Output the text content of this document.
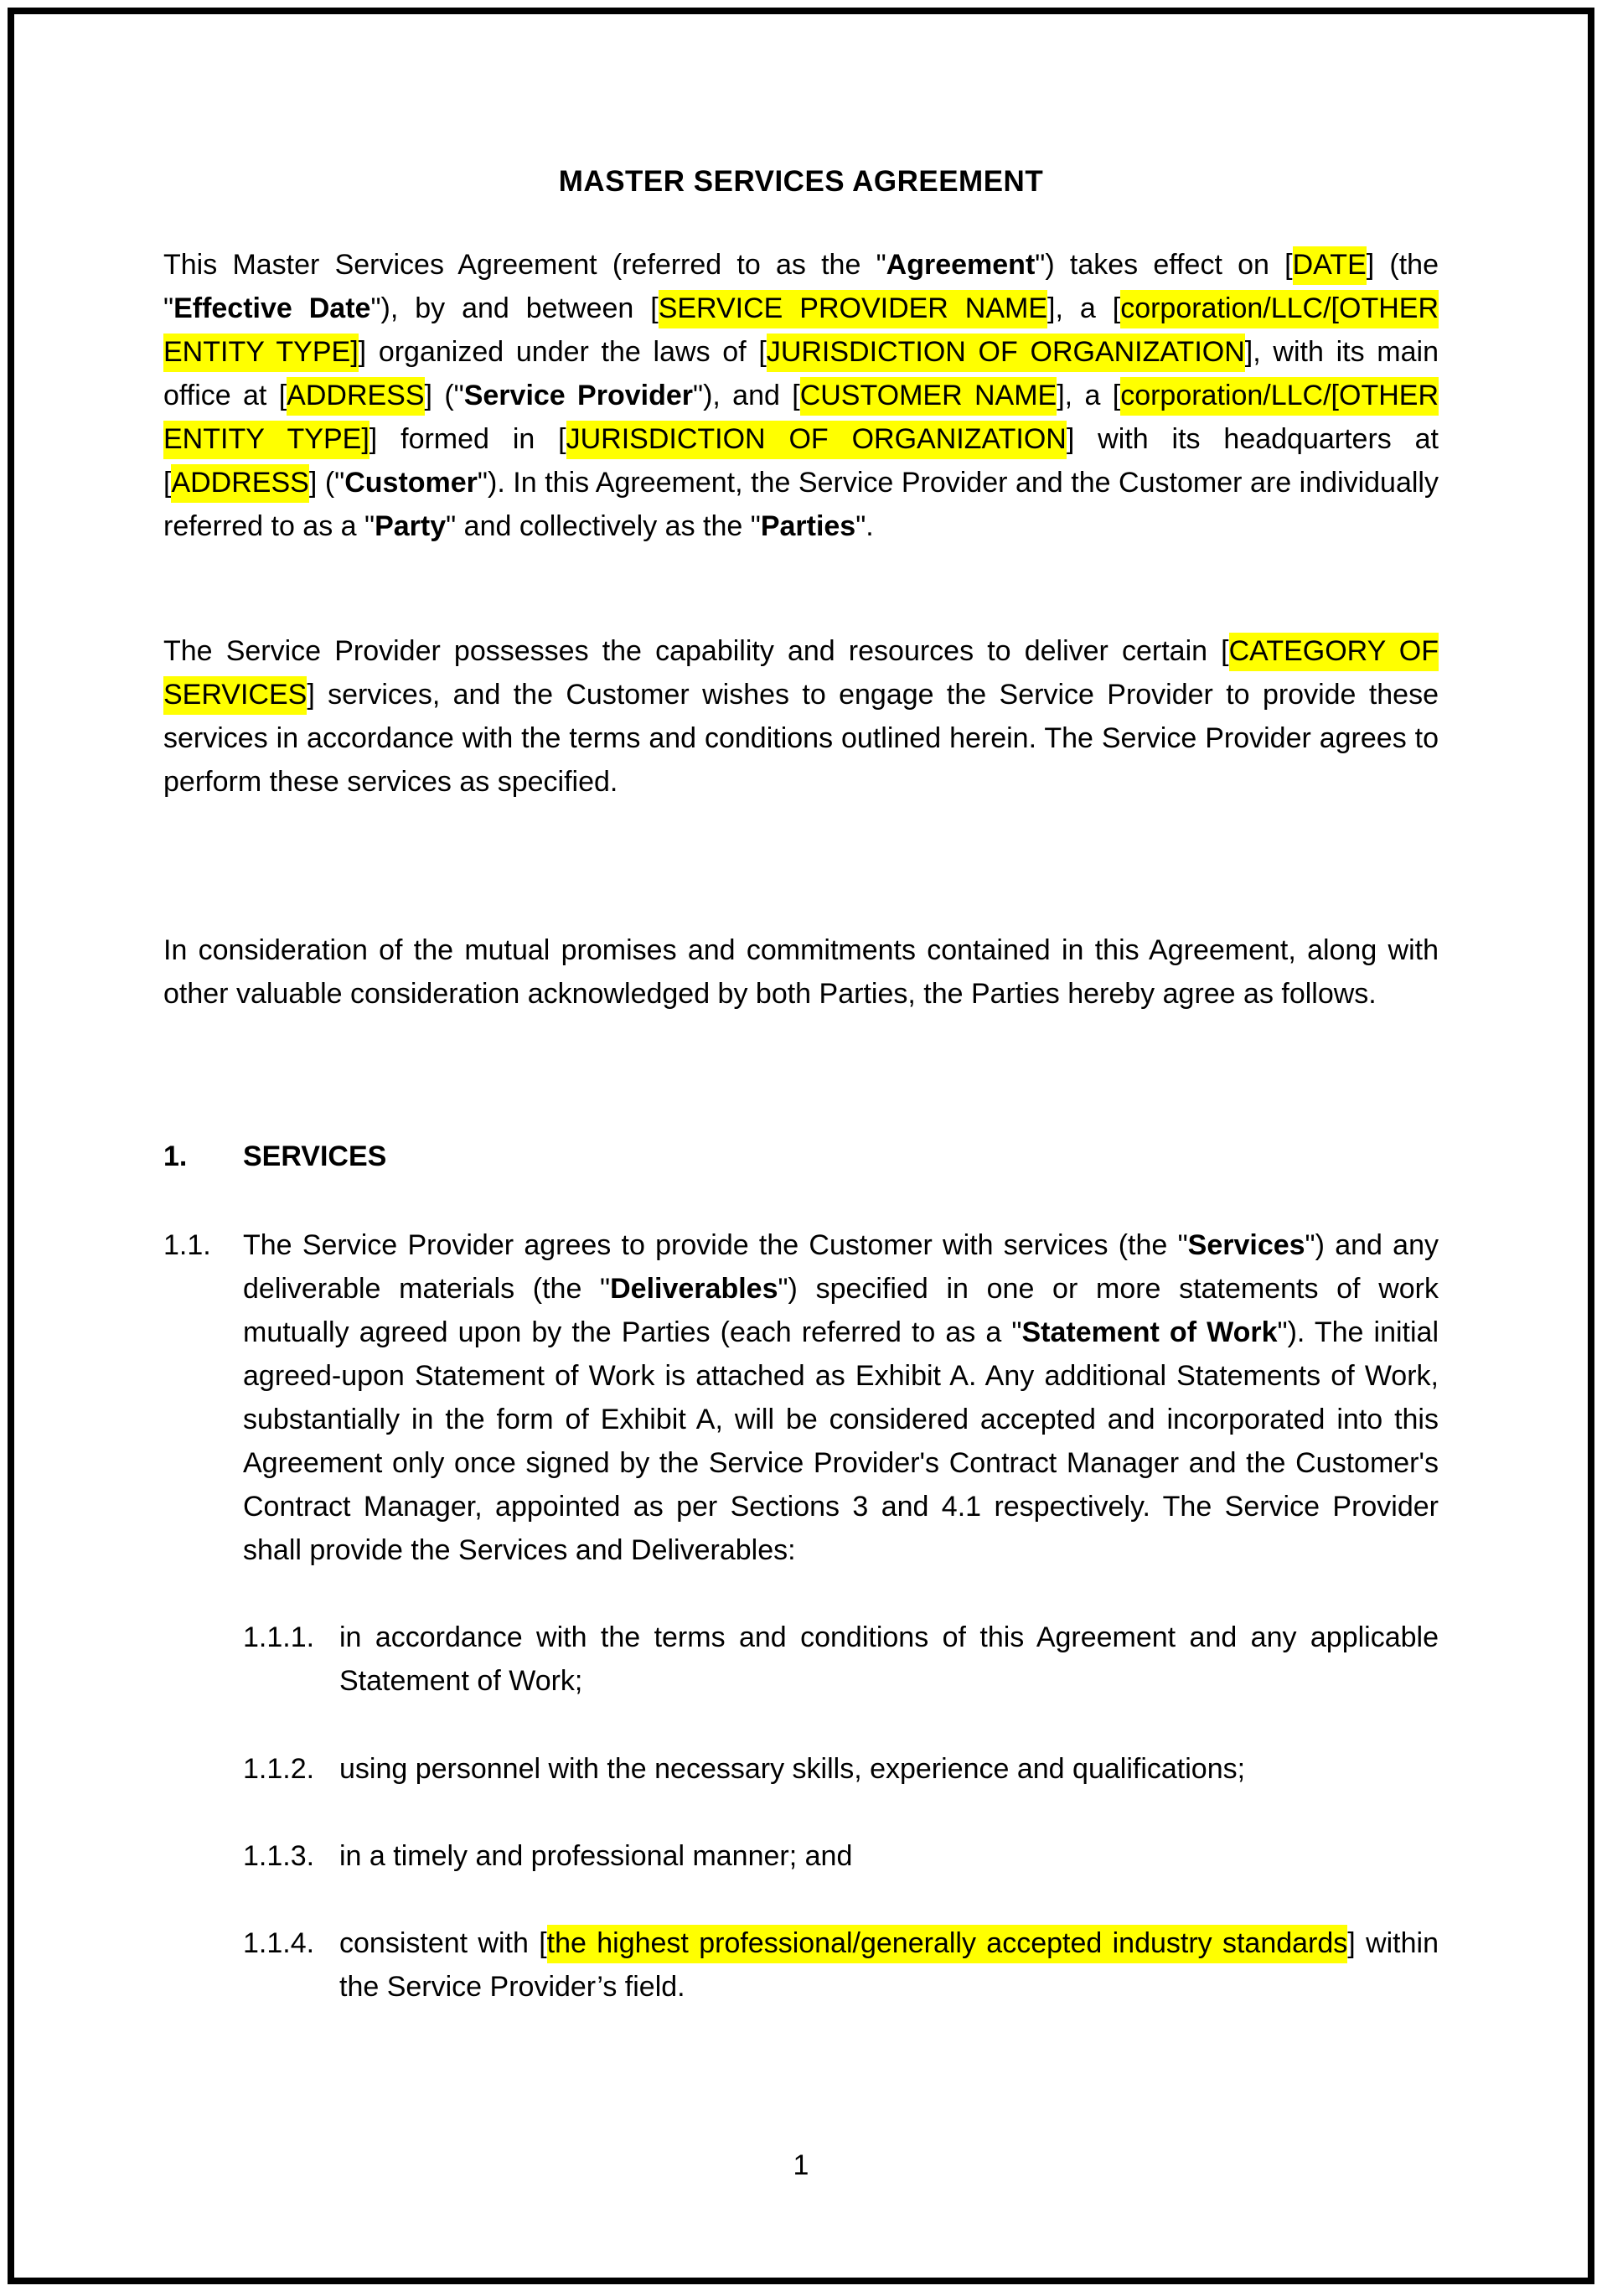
MASTER SERVICES AGREEMENT

This Master Services Agreement (referred to as the "Agreement") takes effect on [DATE] (the "Effective Date"), by and between [SERVICE PROVIDER NAME], a [corporation/LLC/[OTHER ENTITY TYPE]] organized under the laws of [JURISDICTION OF ORGANIZATION], with its main office at [ADDRESS] ("Service Provider"), and [CUSTOMER NAME], a [corporation/LLC/[OTHER ENTITY TYPE]] formed in [JURISDICTION OF ORGANIZATION] with its headquarters at [ADDRESS] ("Customer"). In this Agreement, the Service Provider and the Customer are individually referred to as a "Party" and collectively as the "Parties".

The Service Provider possesses the capability and resources to deliver certain [CATEGORY OF SERVICES] services, and the Customer wishes to engage the Service Provider to provide these services in accordance with the terms and conditions outlined herein. The Service Provider agrees to perform these services as specified.

In consideration of the mutual promises and commitments contained in this Agreement, along with other valuable consideration acknowledged by both Parties, the Parties hereby agree as follows.

1.	SERVICES
1.1.	The Service Provider agrees to provide the Customer with services (the "Services") and any deliverable materials (the "Deliverables") specified in one or more statements of work mutually agreed upon by the Parties (each referred to as a "Statement of Work"). The initial agreed-upon Statement of Work is attached as Exhibit A. Any additional Statements of Work, substantially in the form of Exhibit A, will be considered accepted and incorporated into this Agreement only once signed by the Service Provider's Contract Manager and the Customer's Contract Manager, appointed as per Sections 3 and 4.1 respectively. The Service Provider shall provide the Services and Deliverables:
1.1.1. in accordance with the terms and conditions of this Agreement and any applicable Statement of Work;
1.1.2. using personnel with the necessary skills, experience and qualifications;
1.1.3. in a timely and professional manner; and
1.1.4. consistent with [the highest professional/generally accepted industry standards] within the Service Provider’s field.
1
